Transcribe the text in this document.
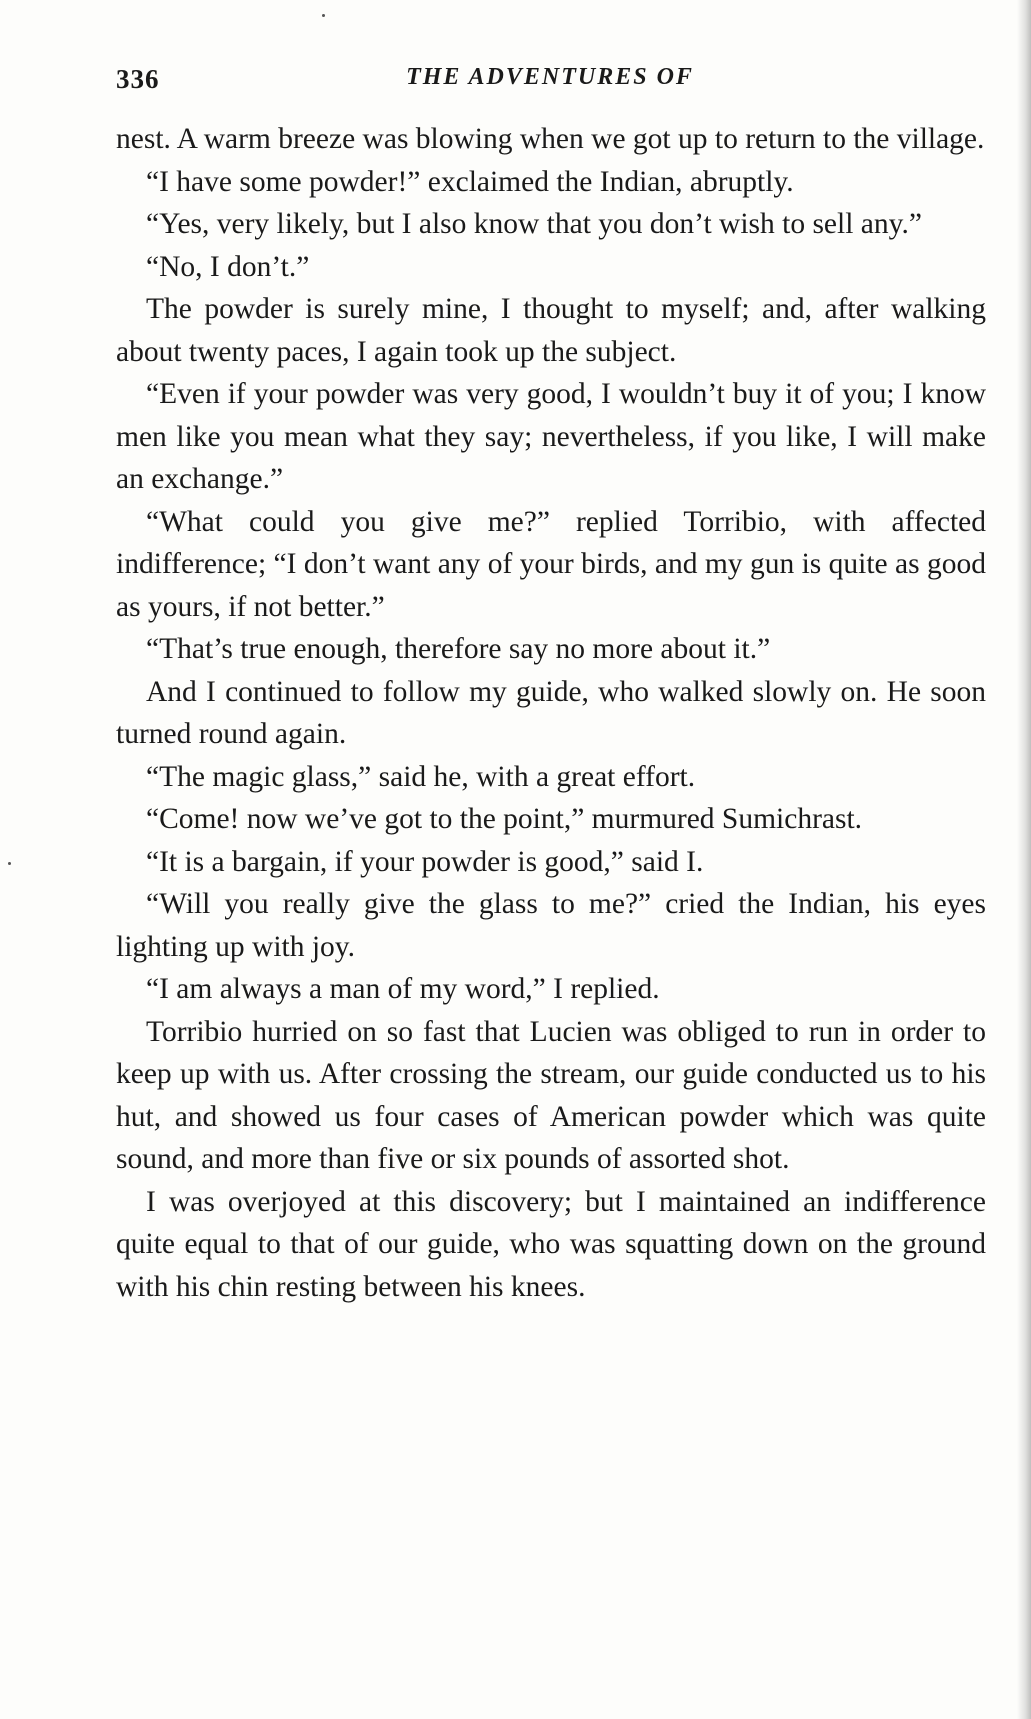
336	THE ADVENTURES OF

nest. A warm breeze was blowing when we got up to return to the village.

“I have some powder!” exclaimed the Indian, abruptly.

“Yes, very likely, but I also know that you don’t wish to sell any.”

“No, I don’t.”

The powder is surely mine, I thought to myself; and, after walking about twenty paces, I again took up the subject.

“Even if your powder was very good, I wouldn’t buy it of you; I know men like you mean what they say; nevertheless, if you like, I will make an exchange.”

“What could you give me?” replied Torribio, with affected indifference; “I don’t want any of your birds, and my gun is quite as good as yours, if not better.”

“That’s true enough, therefore say no more about it.”

And I continued to follow my guide, who walked slowly on. He soon turned round again.

“The magic glass,” said he, with a great effort.

“Come! now we’ve got to the point,” murmured Sumichrast.

“It is a bargain, if your powder is good,” said I.

“Will you really give the glass to me?” cried the Indian, his eyes lighting up with joy.

“I am always a man of my word,” I replied.

Torribio hurried on so fast that Lucien was obliged to run in order to keep up with us. After crossing the stream, our guide conducted us to his hut, and showed us four cases of American powder which was quite sound, and more than five or six pounds of assorted shot.

I was overjoyed at this discovery; but I maintained an indifference quite equal to that of our guide, who was squatting down on the ground with his chin resting between his knees.
